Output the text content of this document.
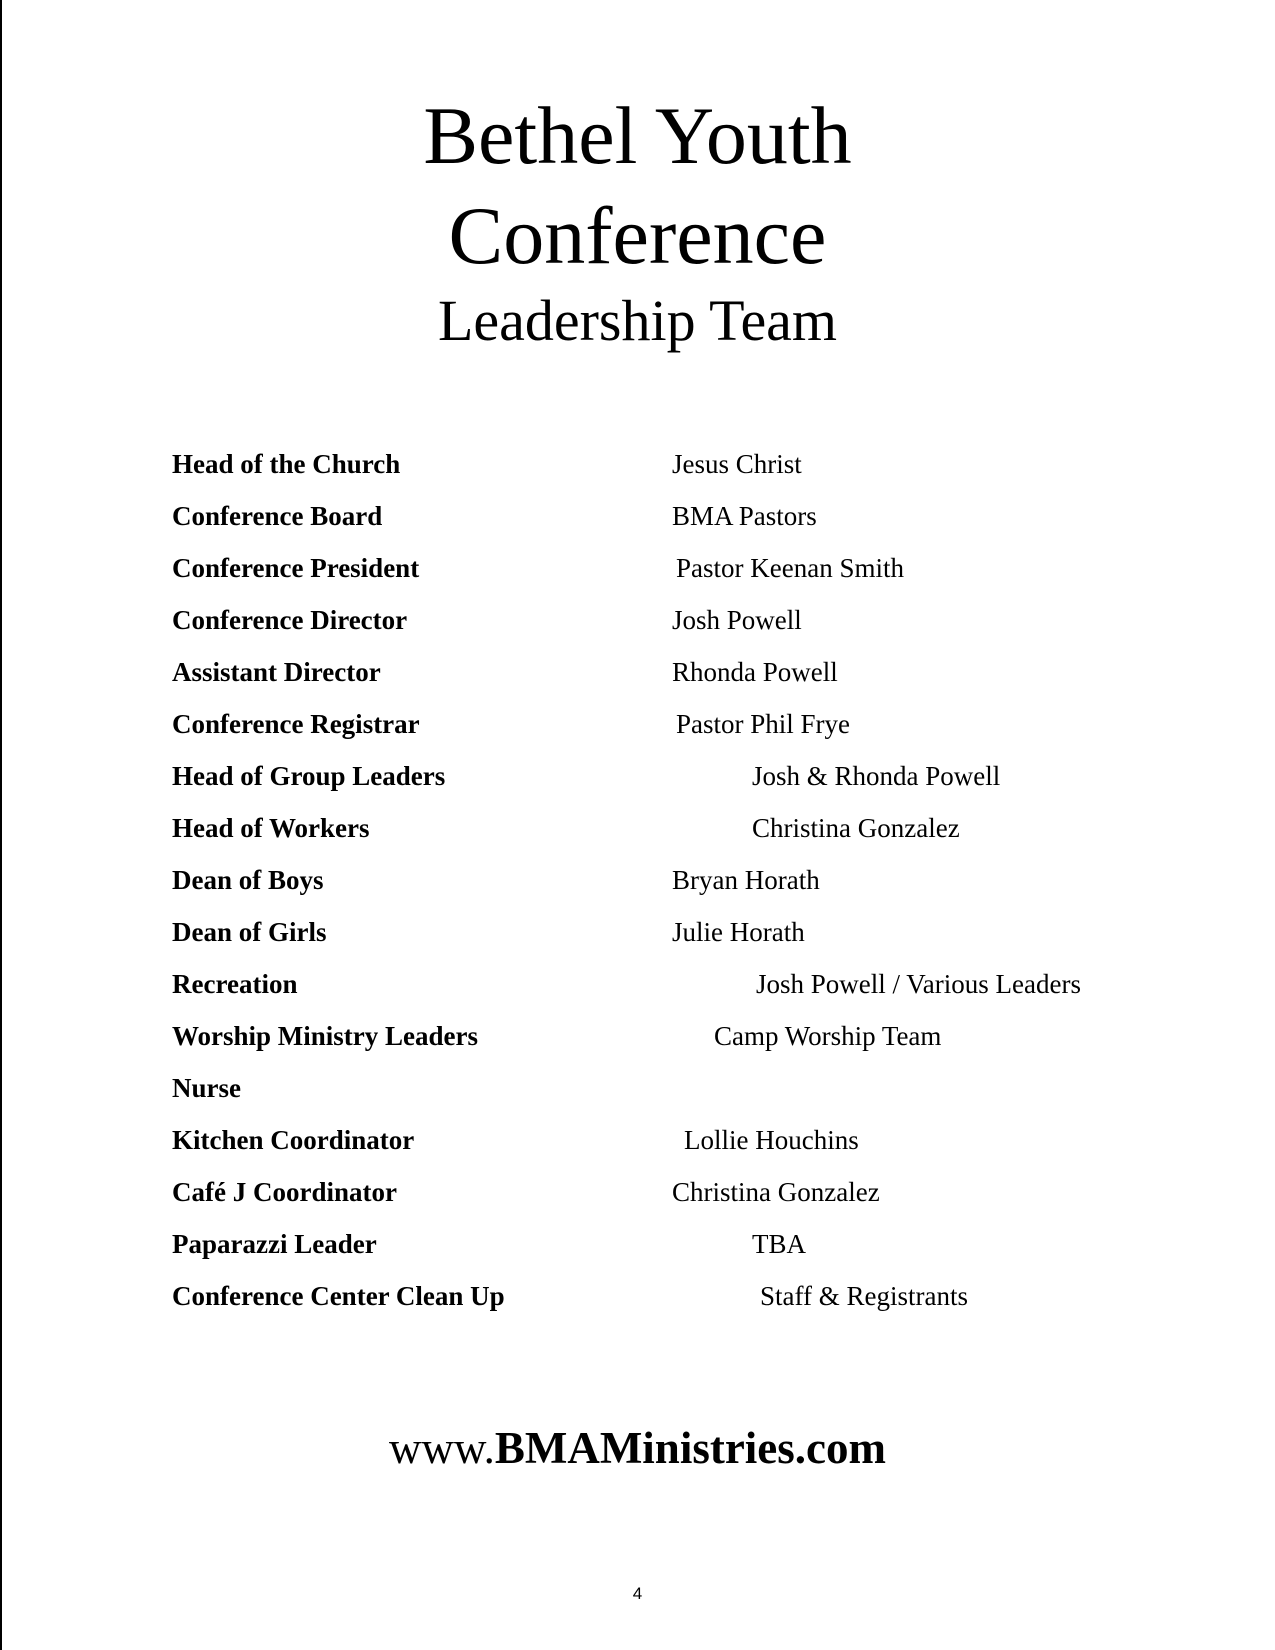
Bethel Youth
Conference
Leadership Team
Head of the Church	Jesus Christ
Conference Board	BMA Pastors
Conference President	Pastor Keenan Smith
Conference Director	Josh Powell
Assistant Director	Rhonda Powell
Conference Registrar	Pastor Phil Frye
Head of Group Leaders	Josh & Rhonda Powell
Head of Workers	Christina Gonzalez
Dean of Boys	Bryan Horath
Dean of Girls	Julie Horath
Recreation	Josh Powell / Various Leaders
Worship Ministry Leaders	Camp Worship Team
Nurse
Kitchen Coordinator	Lollie Houchins
Café J Coordinator	Christina Gonzalez
Paparazzi Leader	TBA
Conference Center Clean Up	Staff & Registrants
www.BMAMinistries.com
4
